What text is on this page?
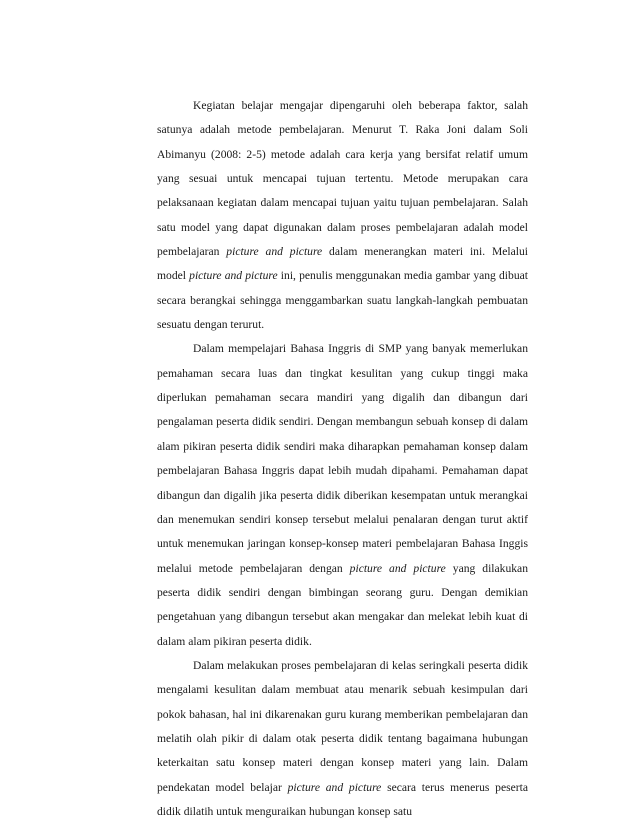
Kegiatan belajar mengajar dipengaruhi oleh beberapa faktor, salah satunya adalah metode pembelajaran. Menurut T. Raka Joni dalam Soli Abimanyu (2008: 2-5) metode adalah cara kerja yang bersifat relatif umum yang sesuai untuk mencapai tujuan tertentu. Metode merupakan cara pelaksanaan kegiatan dalam mencapai tujuan yaitu tujuan pembelajaran. Salah satu model yang dapat digunakan dalam proses pembelajaran adalah model pembelajaran picture and picture dalam menerangkan materi ini. Melalui model picture and picture ini, penulis menggunakan media gambar yang dibuat secara berangkai sehingga menggambarkan suatu langkah-langkah pembuatan sesuatu dengan terurut.

Dalam mempelajari Bahasa Inggris di SMP yang banyak memerlukan pemahaman secara luas dan tingkat kesulitan yang cukup tinggi maka diperlukan pemahaman secara mandiri yang digalih dan dibangun dari pengalaman peserta didik sendiri. Dengan membangun sebuah konsep di dalam alam pikiran peserta didik sendiri maka diharapkan pemahaman konsep dalam pembelajaran Bahasa Inggris dapat lebih mudah dipahami. Pemahaman dapat dibangun dan digalih jika peserta didik diberikan kesempatan untuk merangkai dan menemukan sendiri konsep tersebut melalui penalaran dengan turut aktif untuk menemukan jaringan konsep-konsep materi pembelajaran Bahasa Inggis melalui metode pembelajaran dengan picture and picture yang dilakukan peserta didik sendiri dengan bimbingan seorang guru. Dengan demikian pengetahuan yang dibangun tersebut akan mengakar dan melekat lebih kuat di dalam alam pikiran peserta didik.

Dalam melakukan proses pembelajaran di kelas seringkali peserta didik mengalami kesulitan dalam membuat atau menarik sebuah kesimpulan dari pokok bahasan, hal ini dikarenakan guru kurang memberikan pembelajaran dan melatih olah pikir di dalam otak peserta didik tentang bagaimana hubungan keterkaitan satu konsep materi dengan konsep materi yang lain. Dalam pendekatan model belajar picture and picture secara terus menerus peserta didik dilatih untuk menguraikan hubungan konsep satu
